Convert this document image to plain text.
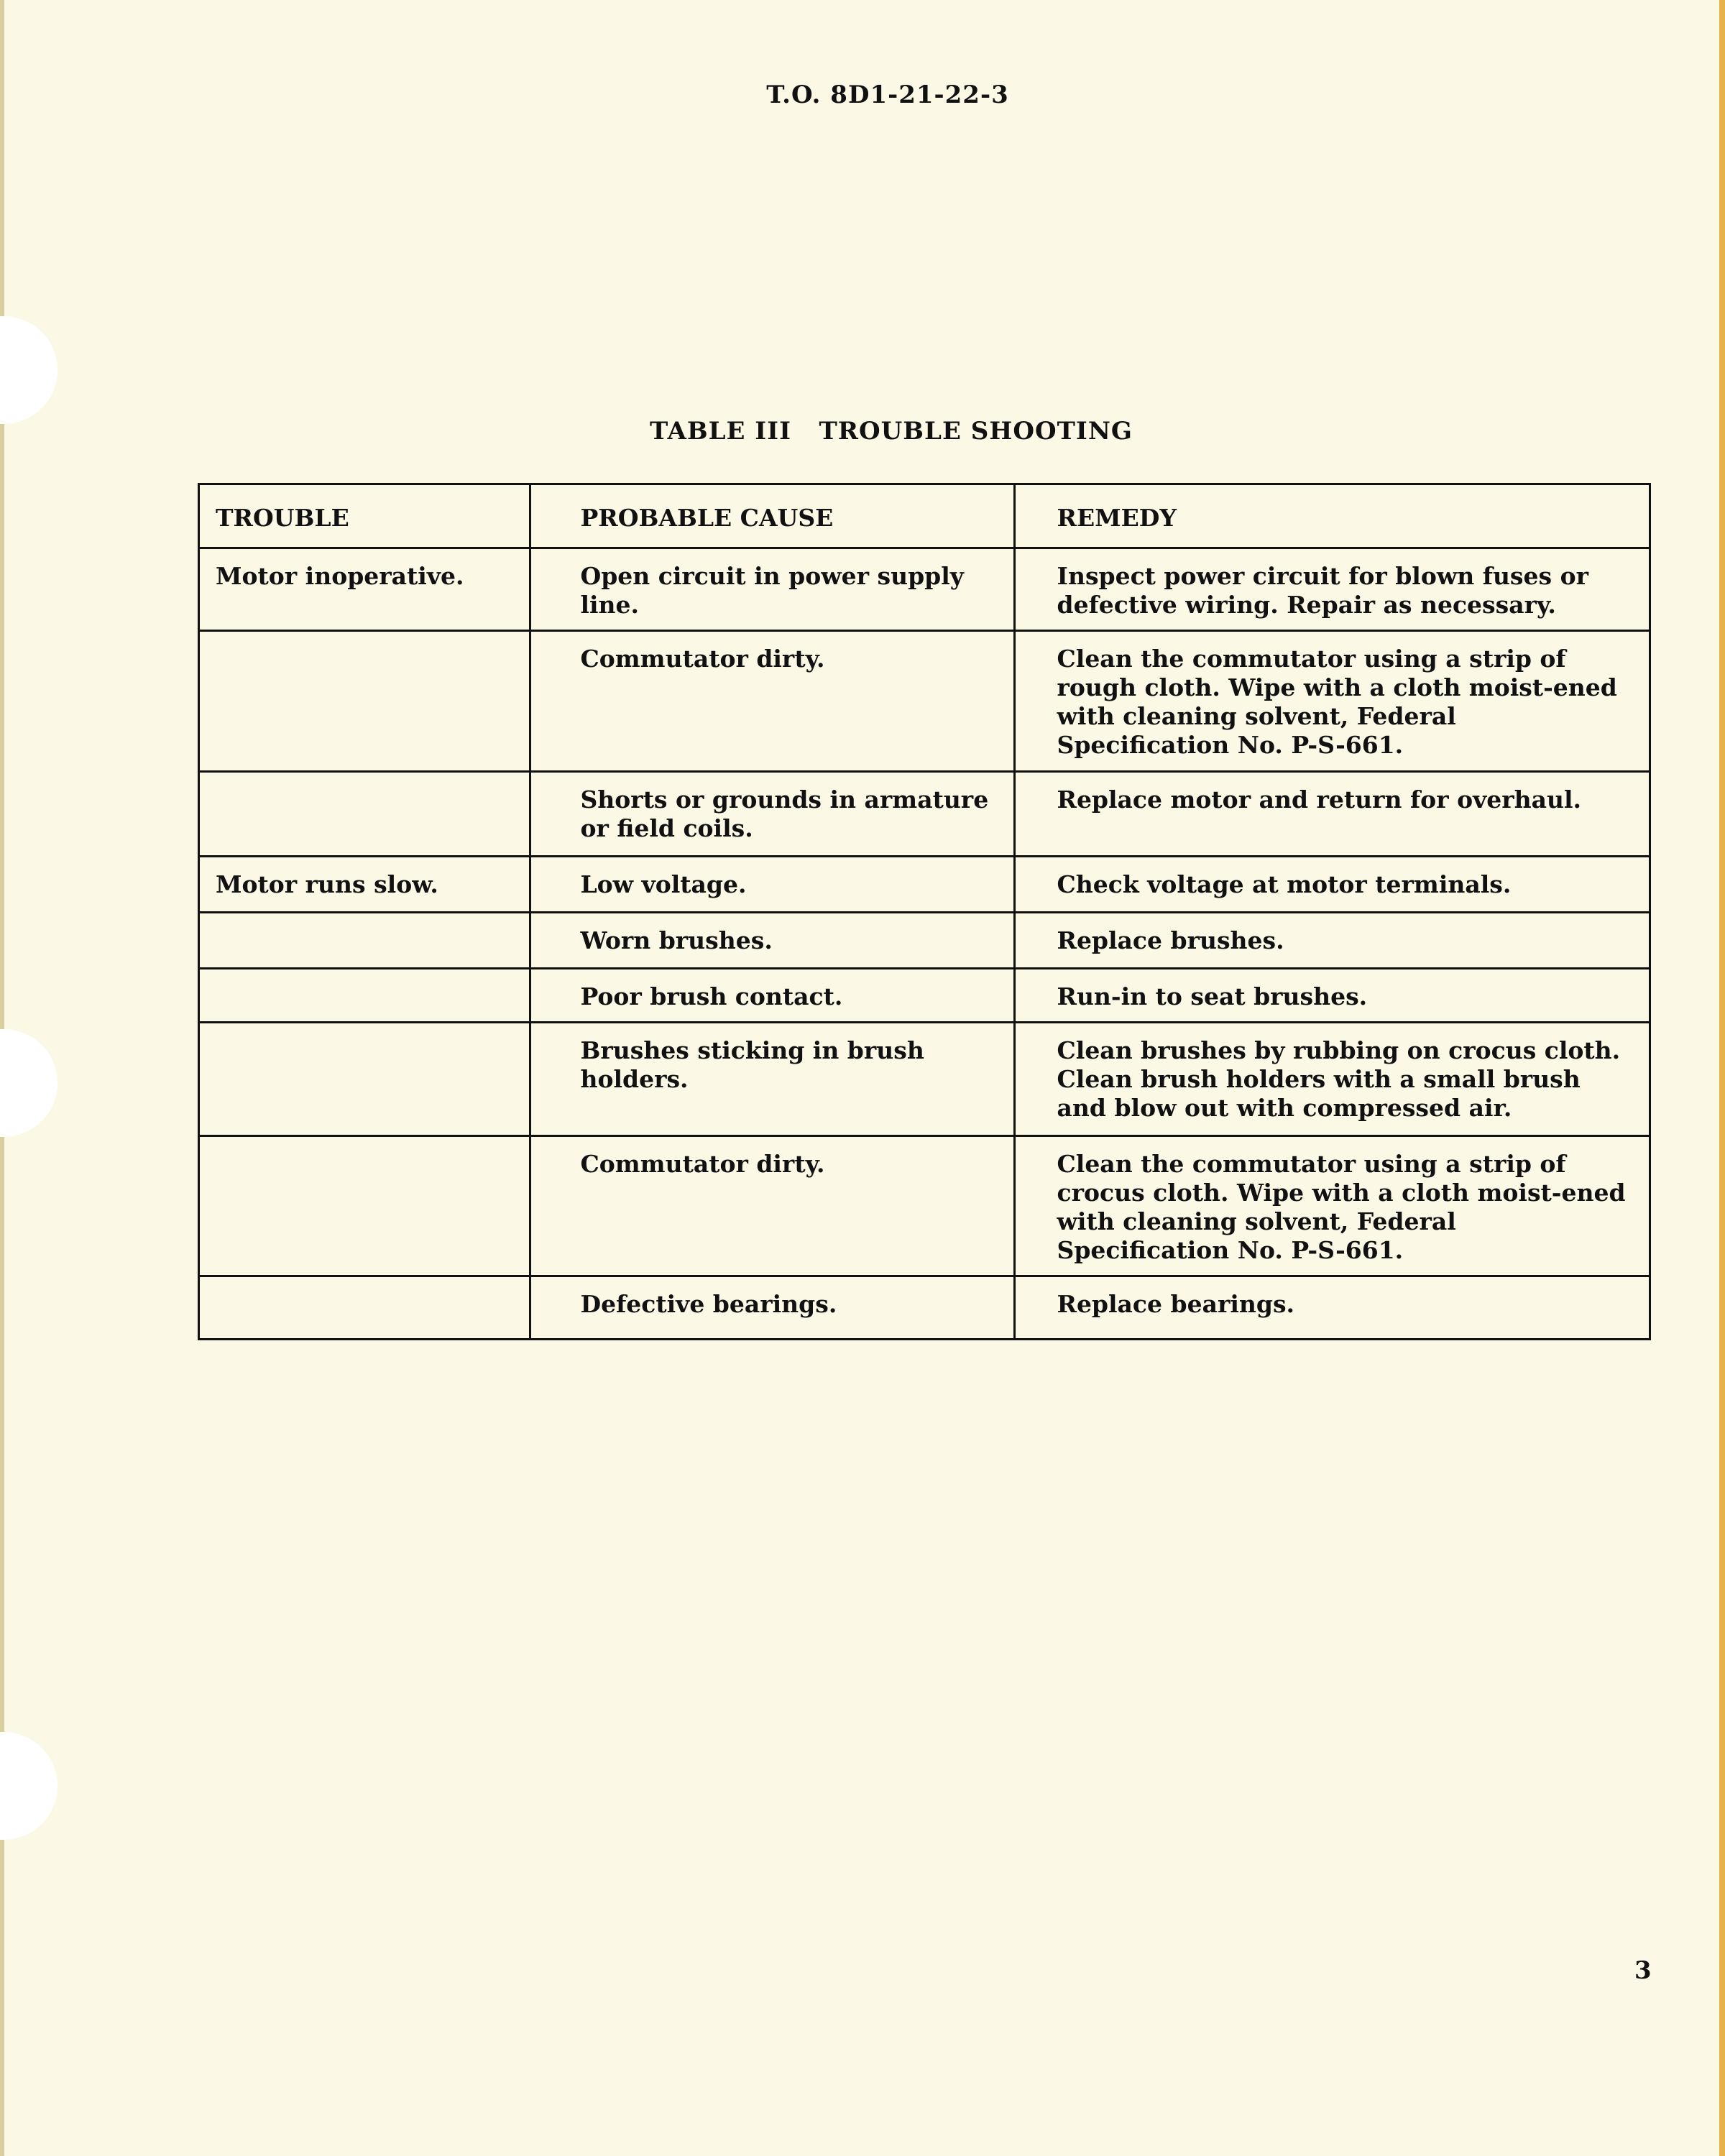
T.O. 8D1-21-22-3
TABLE III   TROUBLE SHOOTING
TROUBLE	PROBABLE CAUSE	REMEDY
Motor inoperative.	Open circuit in power supply line.	Inspect power circuit for blown fuses or defective wiring. Repair as necessary.
	Commutator dirty.	Clean the commutator using a strip of rough cloth. Wipe with a cloth moist-ened with cleaning solvent, Federal Specification No. P-S-661.
	Shorts or grounds in armature or field coils.	Replace motor and return for overhaul.
Motor runs slow.	Low voltage.	Check voltage at motor terminals.
	Worn brushes.	Replace brushes.
	Poor brush contact.	Run-in to seat brushes.
	Brushes sticking in brush holders.	Clean brushes by rubbing on crocus cloth. Clean brush holders with a small brush and blow out with compressed air.
	Commutator dirty.	Clean the commutator using a strip of crocus cloth. Wipe with a cloth moist-ened with cleaning solvent, Federal Specification No. P-S-661.
	Defective bearings.	Replace bearings.
3
